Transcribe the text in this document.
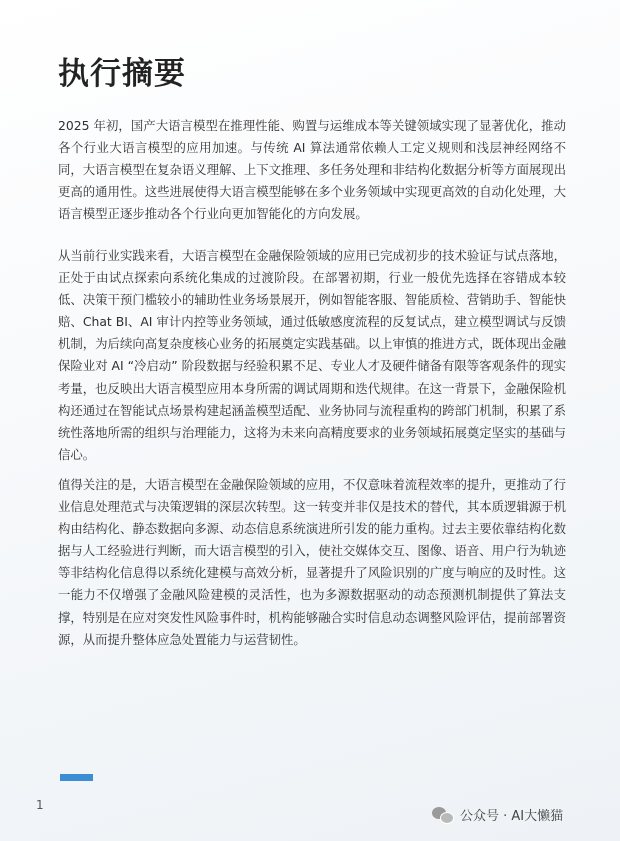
执行摘要

2025 年初，国产大语言模型在推理性能、购置与运维成本等关键领域实现了显著优化，推动各个行业大语言模型的应用加速。与传统 AI 算法通常依赖人工定义规则和浅层神经网络不同，大语言模型在复杂语义理解、上下文推理、多任务处理和非结构化数据分析等方面展现出更高的通用性。这些进展使得大语言模型能够在多个业务领域中实现更高效的自动化处理，大语言模型正逐步推动各个行业向更加智能化的方向发展。

从当前行业实践来看，大语言模型在金融保险领域的应用已完成初步的技术验证与试点落地，正处于由试点探索向系统化集成的过渡阶段。在部署初期，行业一般优先选择在容错成本较低、决策干预门槛较小的辅助性业务场景展开，例如智能客服、智能质检、营销助手、智能快赔、Chat BI、AI 审计内控等业务领域，通过低敏感度流程的反复试点，建立模型调试与反馈机制，为后续向高复杂度核心业务的拓展奠定实践基础。以上审慎的推进方式，既体现出金融保险业对 AI “冷启动” 阶段数据与经验积累不足、专业人才及硬件储备有限等客观条件的现实考量，也反映出大语言模型应用本身所需的调试周期和迭代规律。在这一背景下，金融保险机构还通过在智能试点场景构建起涵盖模型适配、业务协同与流程重构的跨部门机制，积累了系统性落地所需的组织与治理能力，这将为未来向高精度要求的业务领域拓展奠定坚实的基础与信心。

值得关注的是，大语言模型在金融保险领域的应用，不仅意味着流程效率的提升，更推动了行业信息处理范式与决策逻辑的深层次转型。这一转变并非仅是技术的替代，其本质逻辑源于机构由结构化、静态数据向多源、动态信息系统演进所引发的能力重构。过去主要依靠结构化数据与人工经验进行判断，而大语言模型的引入，使社交媒体交互、图像、语音、用户行为轨迹等非结构化信息得以系统化建模与高效分析，显著提升了风险识别的广度与响应的及时性。这一能力不仅增强了金融风险建模的灵活性，也为多源数据驱动的动态预测机制提供了算法支撑，特别是在应对突发性风险事件时，机构能够融合实时信息动态调整风险评估，提前部署资源，从而提升整体应急处置能力与运营韧性。

1
公众号 · AI大懒猫
